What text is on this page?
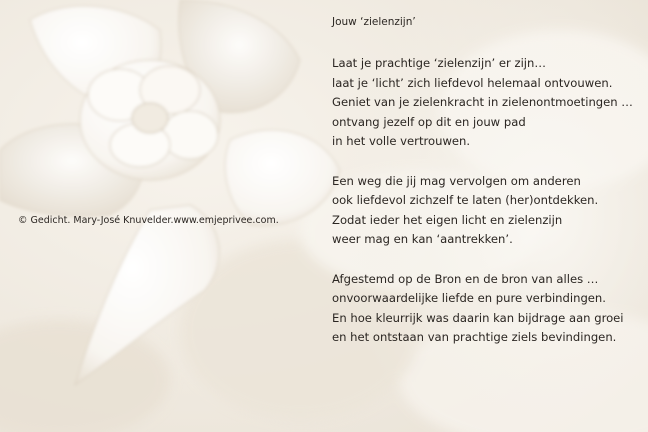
Jouw ‘zielenzijn’
Laat je prachtige ‘zielenzijn’ er zijn…
laat je ‘licht’ zich liefdevol helemaal ontvouwen.
Geniet van je zielenkracht in zielenontmoetingen …
ontvang jezelf op dit en jouw pad
in het volle vertrouwen.
Een weg die jij mag vervolgen om anderen
ook liefdevol zichzelf te laten (her)ontdekken.
Zodat ieder het eigen licht en zielenzijn
weer mag en kan ‘aantrekken’.
Afgestemd op de Bron en de bron van alles …
onvoorwaardelijke liefde en pure verbindingen.
En hoe kleurrijk was daarin kan bijdrage aan groei
en het ontstaan van prachtige ziels bevindingen.
© Gedicht. Mary-José Knuvelder.www.emjeprivee.com.
